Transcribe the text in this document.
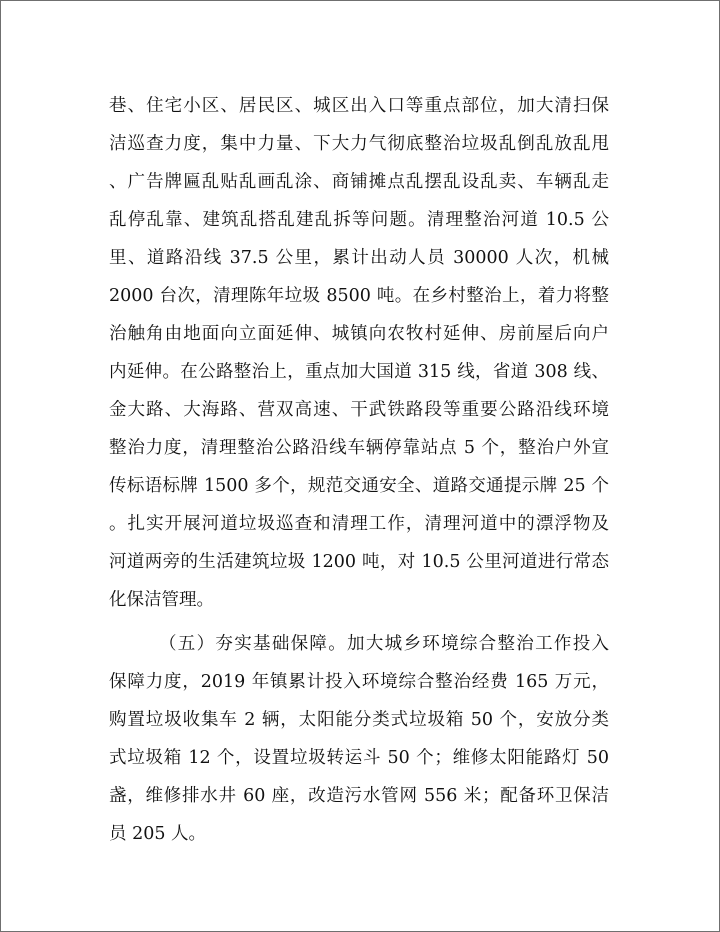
巷、住宅小区、居民区、城区出入口等重点部位，加大清扫保
洁巡查力度，集中力量、下大力气彻底整治垃圾乱倒乱放乱甩
、广告牌匾乱贴乱画乱涂、商铺摊点乱摆乱设乱卖、车辆乱走
乱停乱靠、建筑乱搭乱建乱拆等问题。清理整治河道 10.5 公
里、道路沿线 37.5 公里，累计出动人员 30000 人次，机械
2000 台次，清理陈年垃圾 8500 吨。在乡村整治上，着力将整
治触角由地面向立面延伸、城镇向农牧村延伸、房前屋后向户
内延伸。在公路整治上，重点加大国道 315 线，省道 308 线、
金大路、大海路、营双高速、干武铁路段等重要公路沿线环境
整治力度，清理整治公路沿线车辆停靠站点 5 个，整治户外宣
传标语标牌 1500 多个，规范交通安全、道路交通提示牌 25 个
。扎实开展河道垃圾巡查和清理工作，清理河道中的漂浮物及
河道两旁的生活建筑垃圾 1200 吨，对 10.5 公里河道进行常态
化保洁管理。
（五）夯实基础保障。加大城乡环境综合整治工作投入
保障力度，2019 年镇累计投入环境综合整治经费 165 万元，
购置垃圾收集车 2 辆，太阳能分类式垃圾箱 50 个，安放分类
式垃圾箱 12 个，设置垃圾转运斗 50 个；维修太阳能路灯 50
盏，维修排水井 60 座，改造污水管网 556 米；配备环卫保洁
员 205 人。
